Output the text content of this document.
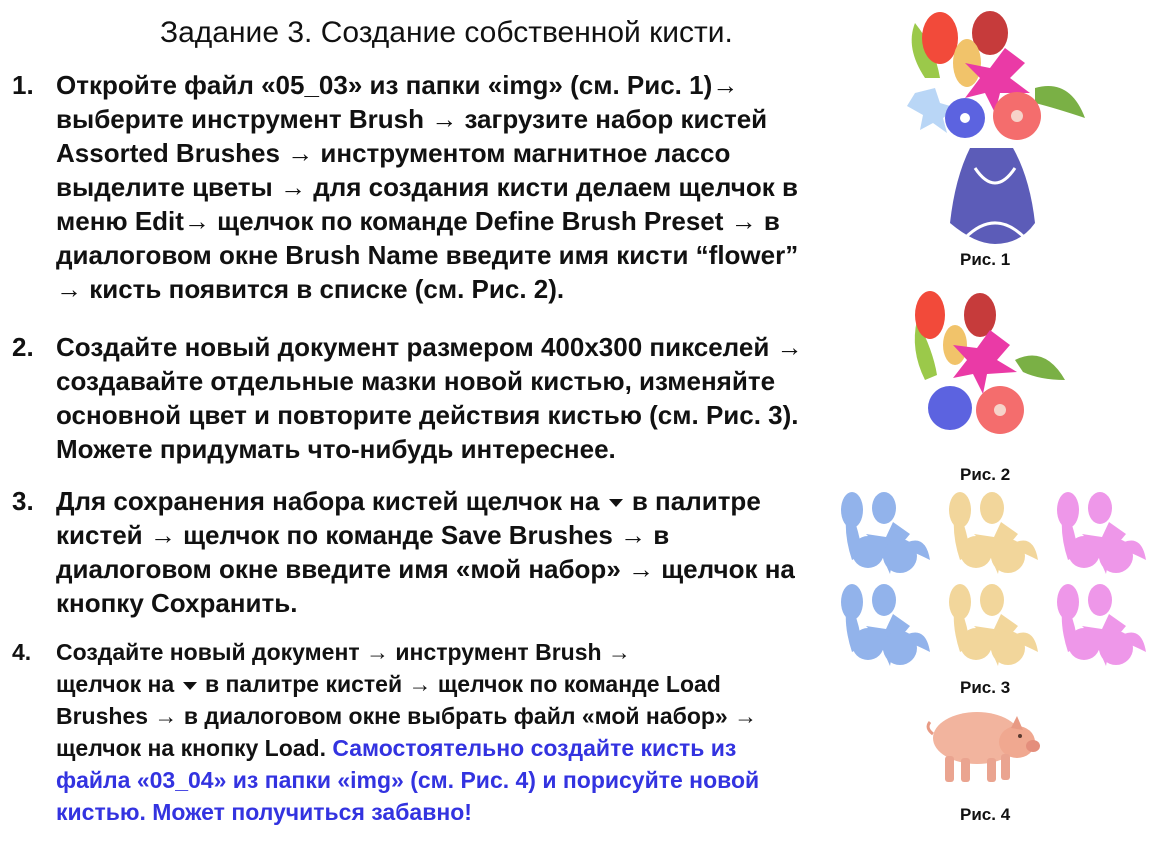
Задание 3. Создание собственной кисти.
1. Откройте файл «05_03» из папки «img» (см. Рис. 1)→
выберите инструмент Brush → загрузите набор кистей
Assorted Brushes → инструментом магнитное лассо
выделите цветы → для создания кисти делаем щелчок в
меню Edit→ щелчок по команде Define Brush Preset → в
диалоговом окне Brush Name введите имя кисти “flower”
→ кисть появится в списке (см. Рис. 2).
2. Создайте новый документ размером 400x300 пикселей →
создавайте отдельные мазки новой кистью, изменяйте
основной цвет и повторите действия кистью (см. Рис. 3).
Можете придумать что-нибудь интереснее.
3. Для сохранения набора кистей щелчок на в палитре
кистей → щелчок по команде Save Brushes → в
диалоговом окне введите имя «мой набор» → щелчок на
кнопку Сохранить.
4. Создайте новый документ → инструмент Brush →
щелчок на в палитре кистей → щелчок по команде Load
Brushes → в диалоговом окне выбрать файл «мой набор» →
щелчок на кнопку Load. Самостоятельно создайте кисть из
файла «03_04» из папки «img» (см. Рис. 4) и порисуйте новой
кистью. Может получиться забавно!
Рис. 1
Рис. 2
Рис. 3
Рис. 4
